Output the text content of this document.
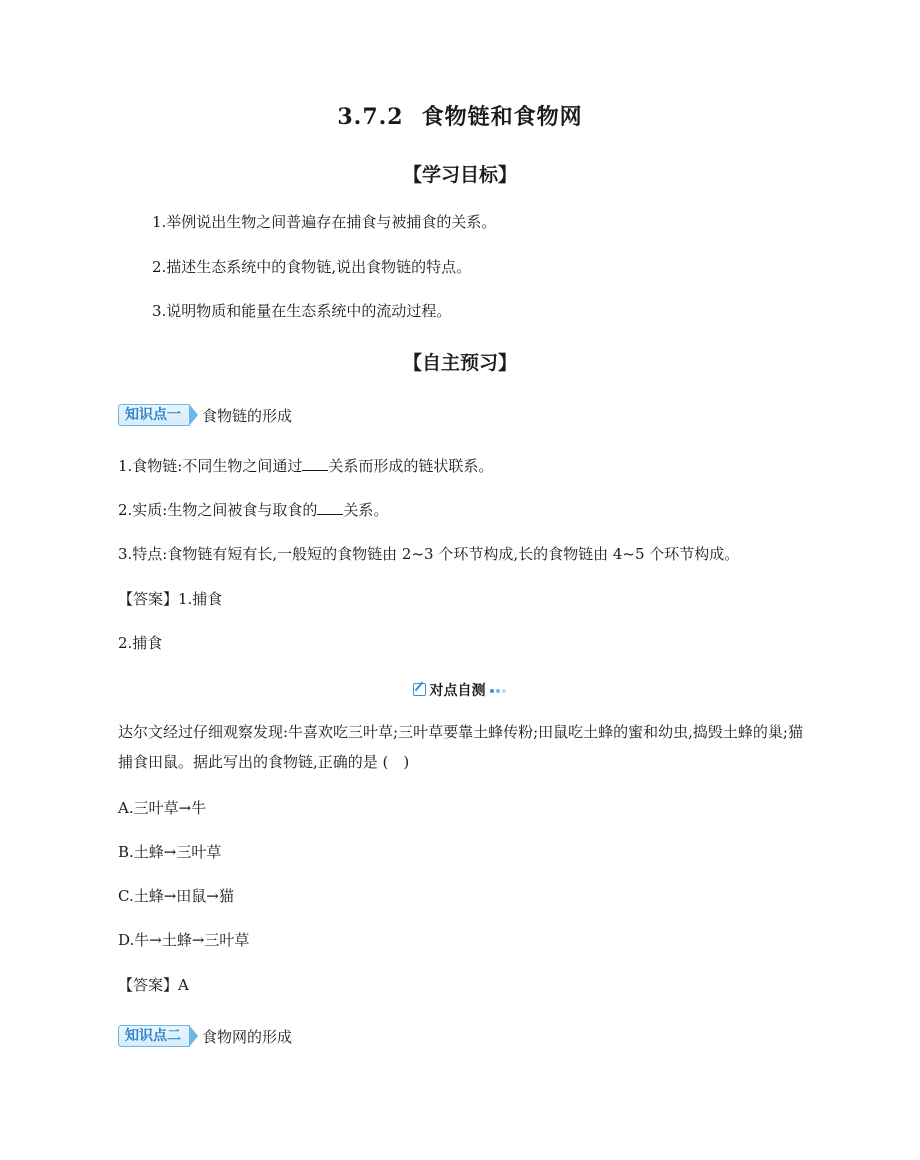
3.7.2 食物链和食物网
【学习目标】
1.举例说出生物之间普遍存在捕食与被捕食的关系。
2.描述生态系统中的食物链,说出食物链的特点。
3.说明物质和能量在生态系统中的流动过程。
【自主预习】
知识点一	食物链的形成
1.食物链:不同生物之间通过 关系而形成的链状联系。
2.实质:生物之间被食与取食的 关系。
3.特点:食物链有短有长,一般短的食物链由 2~3 个环节构成,长的食物链由 4~5 个环节构成。
【答案】1.捕食
2.捕食
对点自测
达尔文经过仔细观察发现:牛喜欢吃三叶草;三叶草要靠土蜂传粉;田鼠吃土蜂的蜜和幼虫,捣毁土蜂的巢;猫捕食田鼠。据此写出的食物链,正确的是 ( )
A.三叶草→牛
B.土蜂→三叶草
C.土蜂→田鼠→猫
D.牛→土蜂→三叶草
【答案】A
知识点二	食物网的形成
